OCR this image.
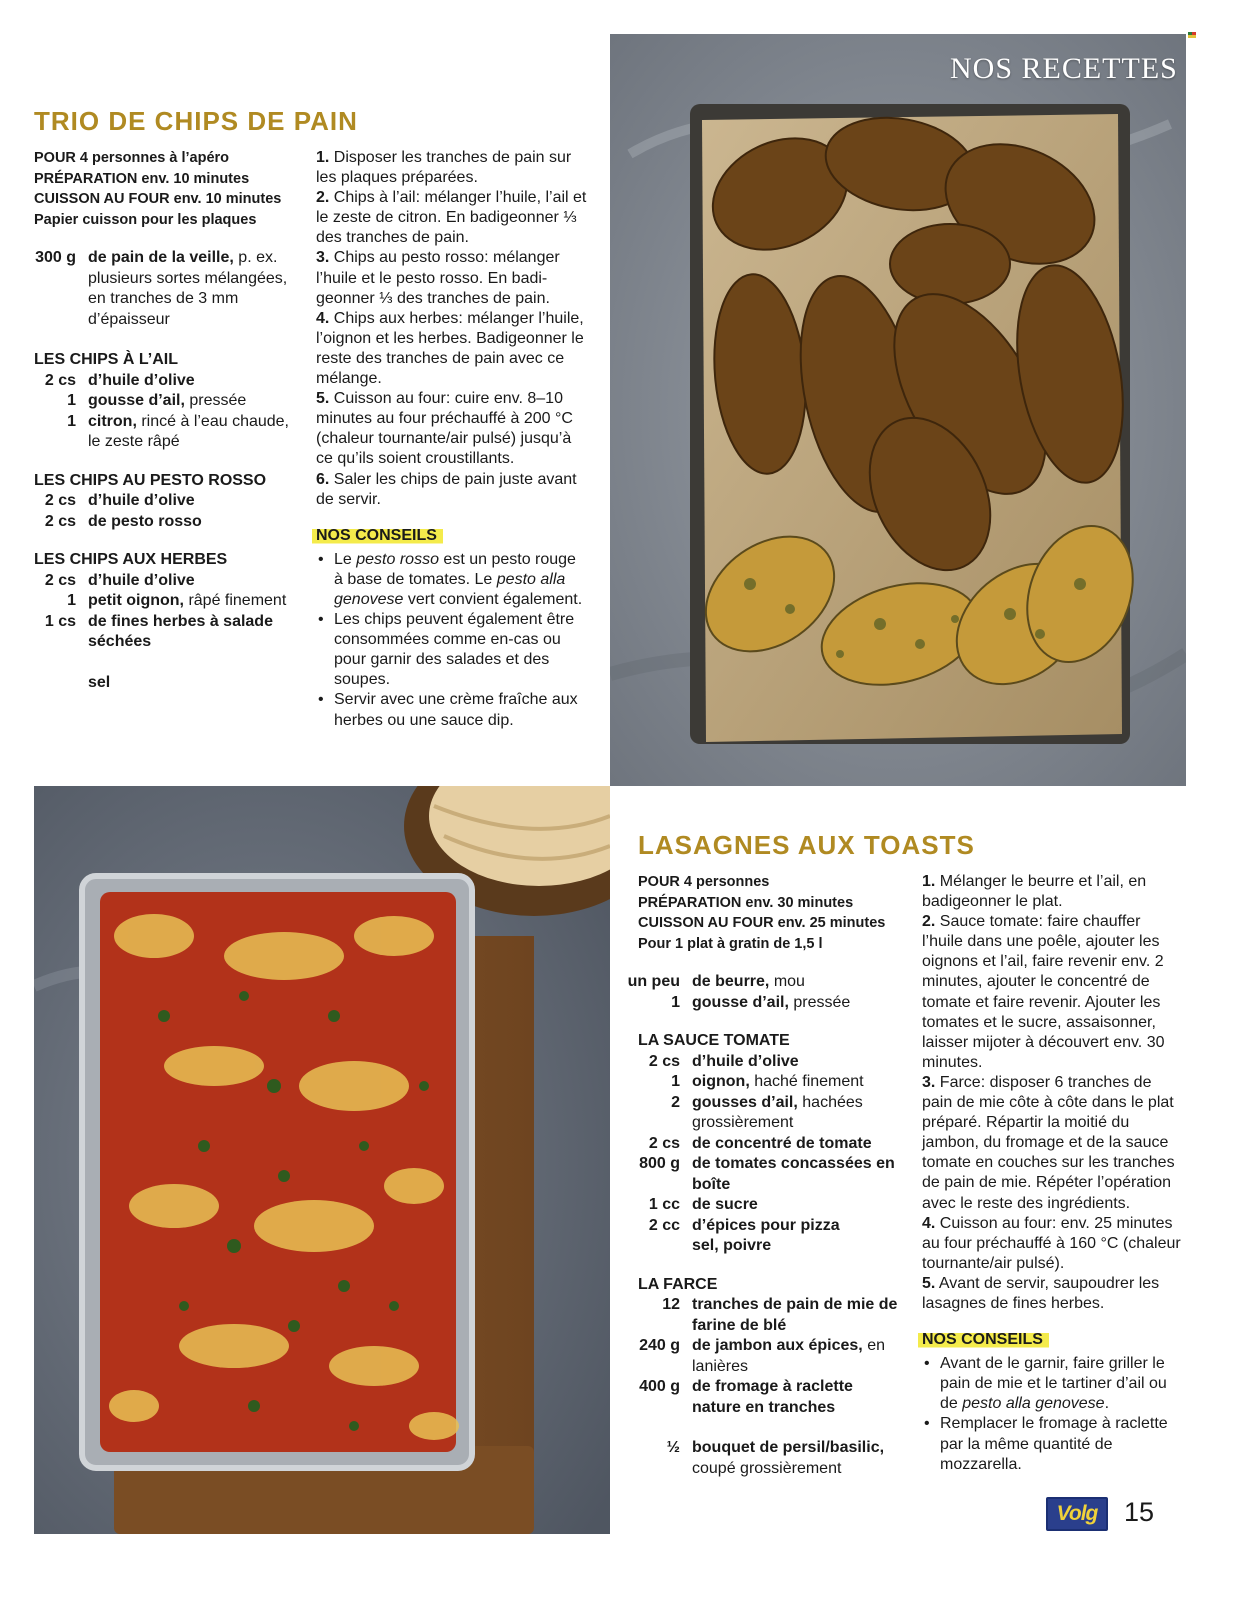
NOS RECETTES
TRIO DE CHIPS DE PAIN
POUR 4 personnes à l’apéro
PRÉPARATION env. 10 minutes
CUISSON AU FOUR env. 10 minutes
Papier cuisson pour les plaques
300 g de pain de la veille, p. ex. plusieurs sortes mélangées, en tranches de 3 mm d’épaisseur
LES CHIPS À L’AIL
2 cs d’huile d’olive
1 gousse d’ail, pressée
1 citron, rincé à l’eau chaude, le zeste râpé
LES CHIPS AU PESTO ROSSO
2 cs d’huile d’olive
2 cs de pesto rosso
LES CHIPS AUX HERBES
2 cs d’huile d’olive
1 petit oignon, râpé finement
1 cs de fines herbes à salade séchées
sel

1. Disposer les tranches de pain sur les plaques préparées.

2. Chips à l’ail: mélanger l’huile, l’ail et le zeste de citron. En badigeonner ⅓ des tranches de pain.

3. Chips au pesto rosso: mélanger l’huile et le pesto rosso. En badigeonner ⅓ des tranches de pain.

4. Chips aux herbes: mélanger l’huile, l’oignon et les herbes. Badigeonner le reste des tranches de pain avec ce mélange.

5. Cuisson au four: cuire env. 8–10 minutes au four préchauffé à 200 °C (chaleur tournante/air pulsé) jusqu’à ce qu’ils soient croustillants.

6. Saler les chips de pain juste avant de servir.

NOS CONSEILS
• Le pesto rosso est un pesto rouge à base de tomates. Le pesto alla genovese vert convient également.
• Les chips peuvent également être consommées comme en-cas ou pour garnir des salades et des soupes.
• Servir avec une crème fraîche aux herbes ou une sauce dip.
LASAGNES AUX TOASTS
POUR 4 personnes
PRÉPARATION env. 30 minutes
CUISSON AU FOUR env. 25 minutes
Pour 1 plat à gratin de 1,5 l
un peu de beurre, mou
1 gousse d’ail, pressée
LA SAUCE TOMATE
2 cs d’huile d’olive
1 oignon, haché finement
2 gousses d’ail, hachées grossièrement
2 cs de concentré de tomate
800 g de tomates concassées en boîte
1 cc de sucre
2 cc d’épices pour pizza
sel, poivre
LA FARCE
12 tranches de pain de mie de farine de blé
240 g de jambon aux épices, en lanières
400 g de fromage à raclette nature en tranches
½ bouquet de persil/basilic, coupé grossièrement

1. Mélanger le beurre et l’ail, en badigeonner le plat.

2. Sauce tomate: faire chauffer l’huile dans une poêle, ajouter les oignons et l’ail, faire revenir env. 2 minutes, ajouter le concentré de tomate et faire revenir. Ajouter les tomates et le sucre, assaisonner, laisser mijoter à découvert env. 30 minutes.

3. Farce: disposer 6 tranches de pain de mie côte à côte dans le plat préparé. Répartir la moitié du jambon, du fromage et de la sauce tomate en couches sur les tranches de pain de mie. Répéter l’opération avec le reste des ingrédients.

4. Cuisson au four: env. 25 minutes au four préchauffé à 160 °C (chaleur tournante/air pulsé).

5. Avant de servir, saupoudrer les lasagnes de fines herbes.

NOS CONSEILS
• Avant de le garnir, faire griller le pain de mie et le tartiner d’ail ou de pesto alla genovese.
• Remplacer le fromage à raclette par la même quantité de mozzarella.
Volg 15
